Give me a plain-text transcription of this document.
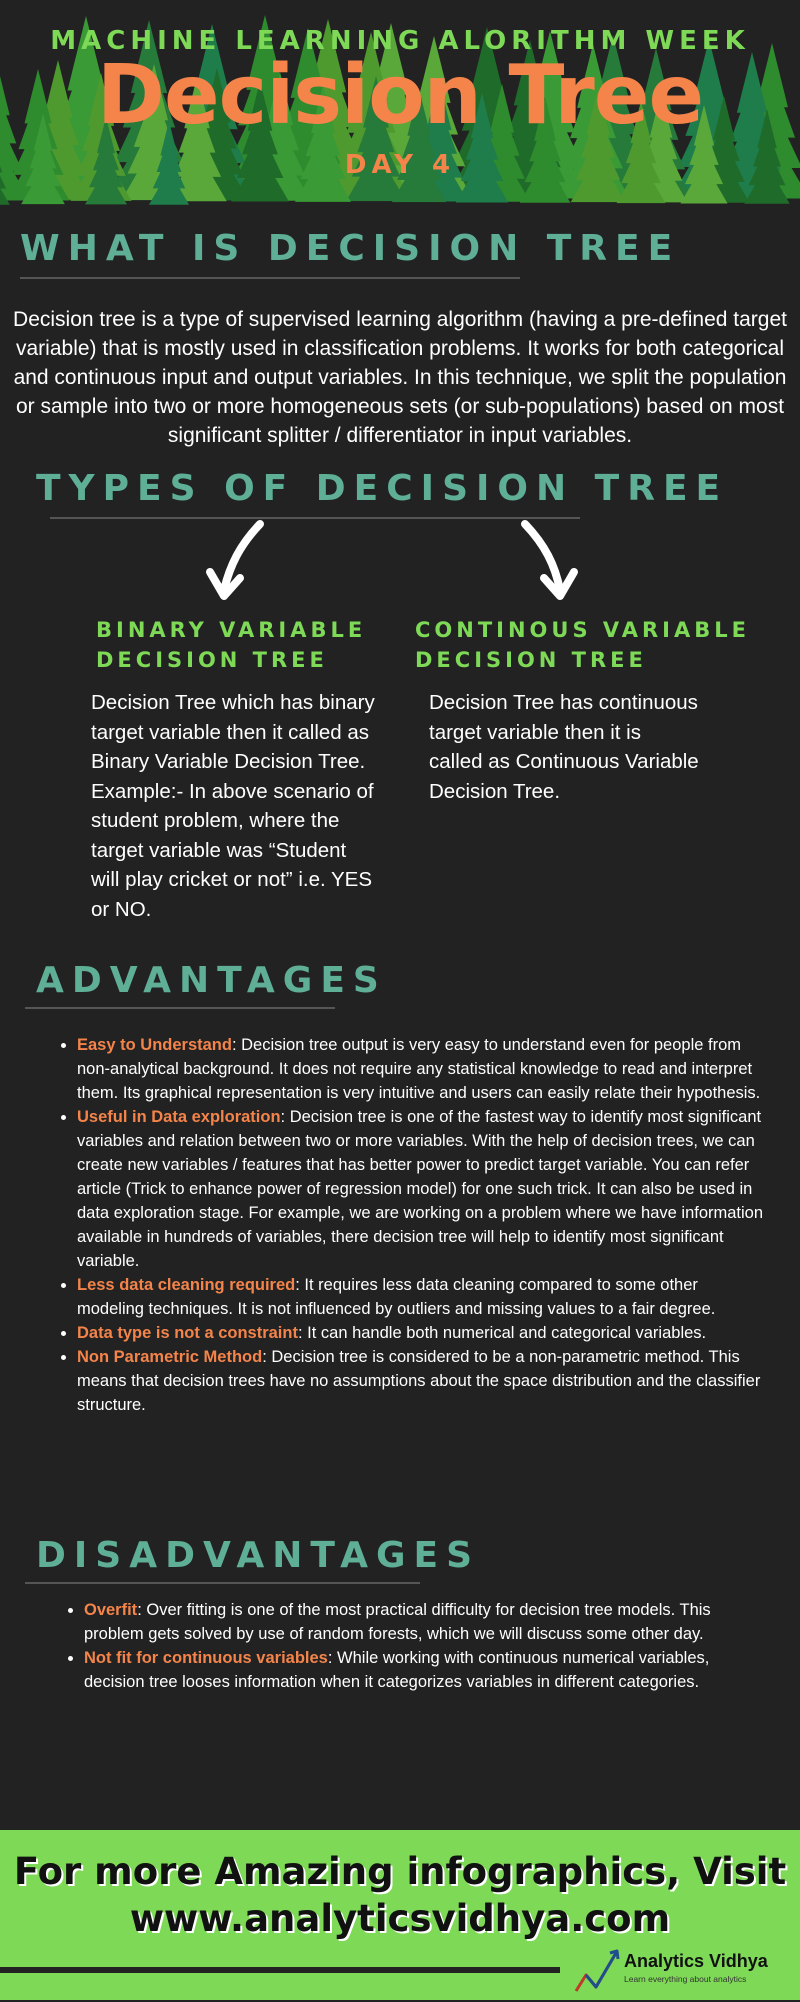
MACHINE LEARNING ALORITHM WEEK
Decision Tree
DAY 4
WHAT IS DECISION TREE

Decision tree is a type of supervised learning algorithm (having a pre-defined target variable) that is mostly used in classification problems. It works for both categorical and continuous input and output variables. In this technique, we split the population or sample into two or more homogeneous sets (or sub-populations) based on most significant splitter / differentiator in input variables.

TYPES OF DECISION TREE
BINARY VARIABLE DECISION TREE

Decision Tree which has binary target variable then it called as Binary Variable Decision Tree. Example:- In above scenario of student problem, where the target variable was “Student will play cricket or not” i.e. YES or NO.

CONTINOUS VARIABLE DECISION TREE

Decision Tree has continuous target variable then it is called as Continuous Variable Decision Tree.

ADVANTAGES
• Easy to Understand: Decision tree output is very easy to understand even for people from non-analytical background. It does not require any statistical knowledge to read and interpret them. Its graphical representation is very intuitive and users can easily relate their hypothesis.
• Useful in Data exploration: Decision tree is one of the fastest way to identify most significant variables and relation between two or more variables. With the help of decision trees, we can create new variables / features that has better power to predict target variable. You can refer article (Trick to enhance power of regression model) for one such trick. It can also be used in data exploration stage. For example, we are working on a problem where we have information available in hundreds of variables, there decision tree will help to identify most significant variable.
• Less data cleaning required: It requires less data cleaning compared to some other modeling techniques. It is not influenced by outliers and missing values to a fair degree.
• Data type is not a constraint: It can handle both numerical and categorical variables.
• Non Parametric Method: Decision tree is considered to be a non-parametric method. This means that decision trees have no assumptions about the space distribution and the classifier structure.
DISADVANTAGES
• Overfit: Over fitting is one of the most practical difficulty for decision tree models. This problem gets solved by use of random forests, which we will discuss some other day.
• Not fit for continuous variables: While working with continuous numerical variables, decision tree looses information when it categorizes variables in different categories.
For more Amazing infographics, Visit
www.analyticsvidhya.com
Analytics Vidhya
Learn everything about analytics
